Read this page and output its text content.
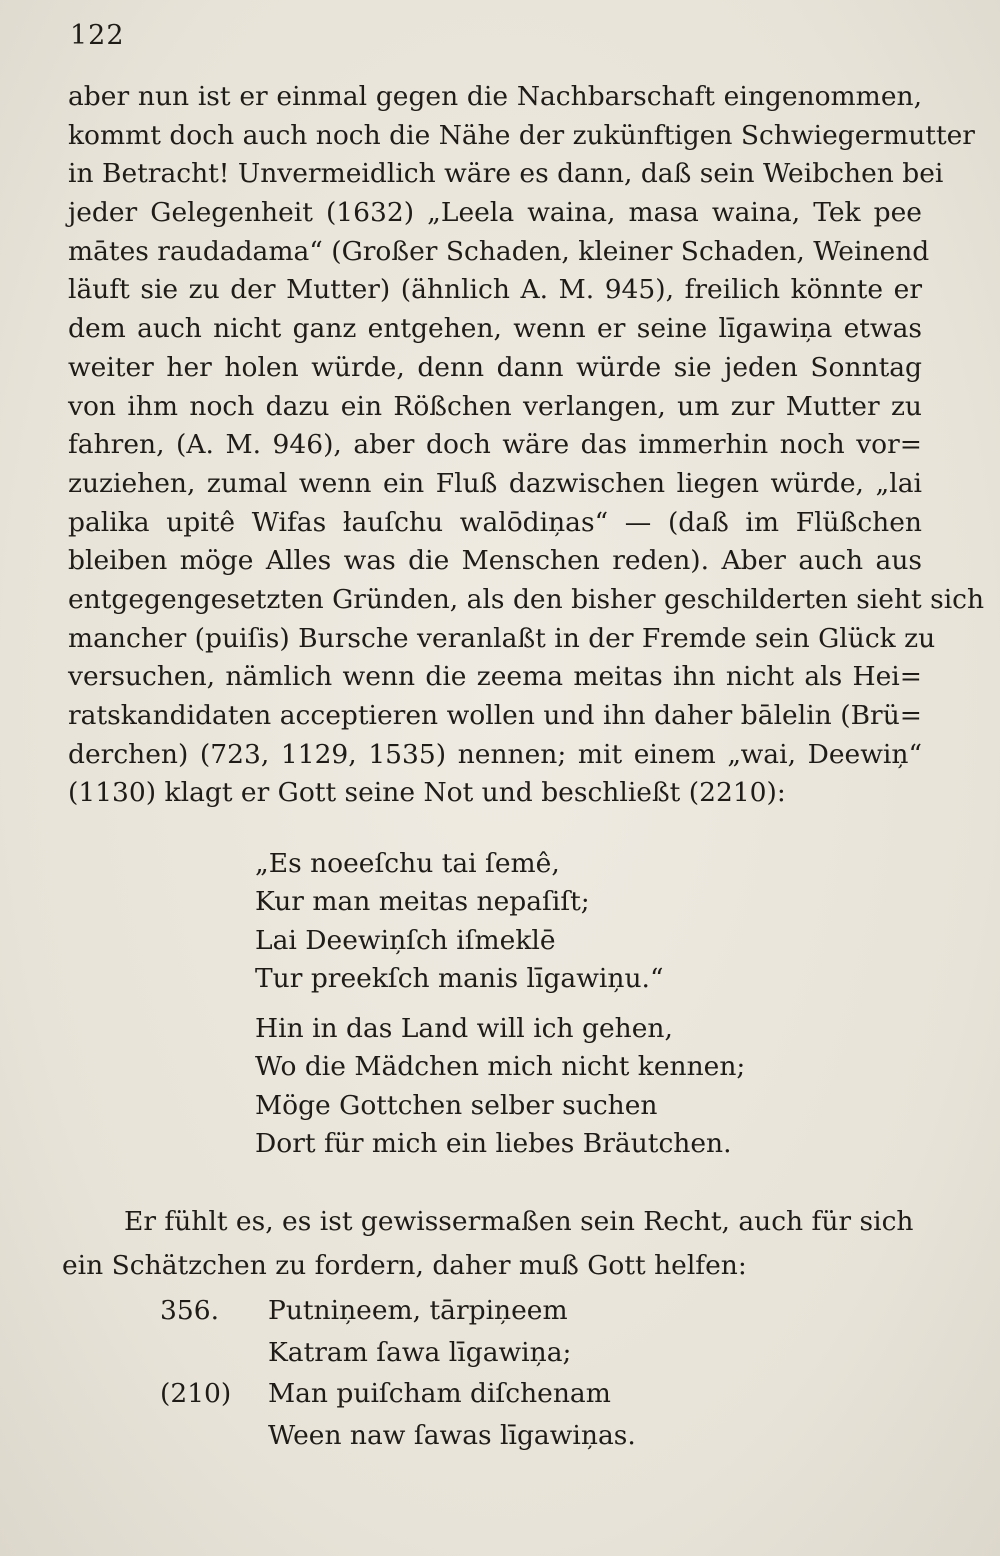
122
aber nun ist er einmal gegen die Nachbarschaft eingenommen,
kommt doch auch noch die Nähe der zukünftigen Schwiegermutter
in Betracht! Unvermeidlich wäre es dann, daß sein Weibchen bei
jeder Gelegenheit (1632) „Leela waina, masa waina, Tek pee
mātes raudadama“ (Großer Schaden, kleiner Schaden, Weinend
läuft sie zu der Mutter) (ähnlich A. M. 945), freilich könnte er
dem auch nicht ganz entgehen, wenn er seine līgawiņa etwas
weiter her holen würde, denn dann würde sie jeden Sonntag
von ihm noch dazu ein Rößchen verlangen, um zur Mutter zu
fahren, (A. M. 946), aber doch wäre das immerhin noch vor=
zuziehen, zumal wenn ein Fluß dazwischen liegen würde, „lai
palika upitê Wifas łauſchu walōdiņas“ — (daß im Flüßchen
bleiben möge Alles was die Menschen reden). Aber auch aus
entgegengesetzten Gründen, als den bisher geschilderten sieht sich
mancher (puiſis) Bursche veranlaßt in der Fremde sein Glück zu
versuchen, nämlich wenn die zeema meitas ihn nicht als Hei=
ratskandidaten acceptieren wollen und ihn daher bālelin (Brü=
derchen) (723, 1129, 1535) nennen; mit einem „wai, Deewiņ“
(1130) klagt er Gott seine Not und beschließt (2210):
„Es noeeſchu tai ſemê,
Kur man meitas nepaſiſt;
Lai Deewiņſch iſmeklē
Tur preekſch manis līgawiņu.“
Hin in das Land will ich gehen,
Wo die Mädchen mich nicht kennen;
Möge Gottchen selber suchen
Dort für mich ein liebes Bräutchen.
Er fühlt es, es ist gewissermaßen sein Recht, auch für sich
ein Schätzchen zu fordern, daher muß Gott helfen:
356.	Putniņeem, tārpiņeem
Katram ſawa līgawiņa;
(210)	Man puiſcham diſchenam
Ween naw ſawas līgawiņas.
